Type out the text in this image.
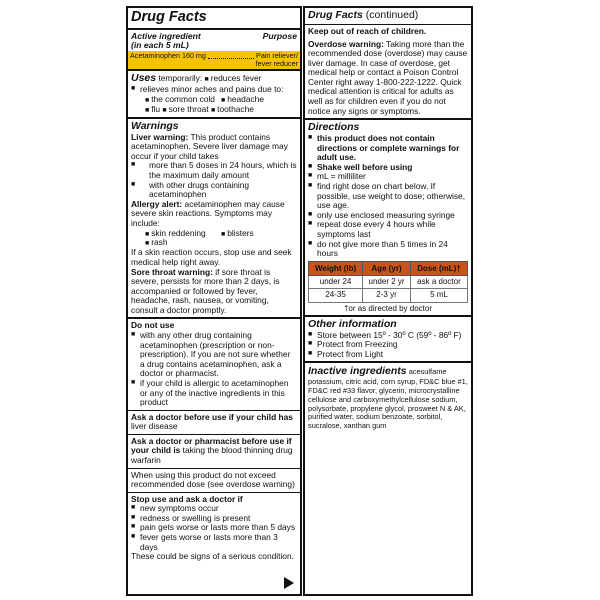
Drug Facts
Active ingredient	Purpose
(in each 5 mL)
Acetaminophen 160 mg	Pain reliever/
fever reducer
Uses temporarily: ■ reduces fever
■ relieves minor aches and pains due to:
■ the common cold	■ headache
■ flu ■ sore throat ■ toothache
Warnings
Liver warning: This product contains acetaminophen. Severe liver damage may occur if your child takes
■ more than 5 doses in 24 hours, which is the maximum daily amount
■ with other drugs containing acetaminophen
Allergy alert: acetaminophen may cause severe skin reactions. Symptoms may include:
■ skin reddening	■ blisters
■ rash
If a skin reaction occurs, stop use and seek medical help right away.
Sore throat warning: if sore throat is severe, persists for more than 2 days, is accompanied or followed by fever, headache, rash, nausea, or vomiting, consult a doctor promptly.
Do not use
■ with any other drug containing acetaminophen (prescription or non-prescription). If you are not sure whether a drug contains acetaminophen, ask a doctor or pharmacist.
■ if your child is allergic to acetaminophen or any of the inactive ingredients in this product
Ask a doctor before use if your child has liver disease
Ask a doctor or pharmacist before use if your child is taking the blood thinning drug warfarin
When using this product do not exceed recommended dose (see overdose warning)
Stop use and ask a doctor if
■ new symptoms occur
■ redness or swelling is present
■ pain gets worse or lasts more than 5 days
■ fever gets worse or lasts more than 3 days
These could be signs of a serious condition.
Drug Facts (continued)
Keep out of reach of children.
Overdose warning: Taking more than the recommended dose (overdose) may cause liver damage. In case of overdose, get medical help or contact a Poison Control Center right away 1-800-222-1222. Quick medical attention is critical for adults as well as for children even if you do not notice any signs or symptoms.
Directions
■ this product does not contain directions or complete warnings for adult use.
■ Shake well before using
■ mL = milliliter
■ find right dose on chart below. If possible, use weight to dose; otherwise, use age.
■ only use enclosed measuring syringe
■ repeat dose every 4 hours while symptoms last
■ do not give more than 5 times in 24 hours
Weight (lb)	Age (yr)	Dose (mL)†
under 24	under 2 yr	ask a doctor
24-35	2-3 yr	5 mL
†or as directed by doctor
Other information
■ Store between 15º - 30º C (59º - 86º F)
■ Protect from Freezing
■ Protect from Light
Inactive ingredients acesulfame potassium, citric acid, corn syrup, FD&C blue #1, FD&C red #33 flavor, glycerin, microcrystalline cellulose and carboxymethylcellulose sodium, polysorbate, propylene glycol, prosweet N & AK, purified water, sodium benzoate, sorbitol, sucralose, xanthan gum
